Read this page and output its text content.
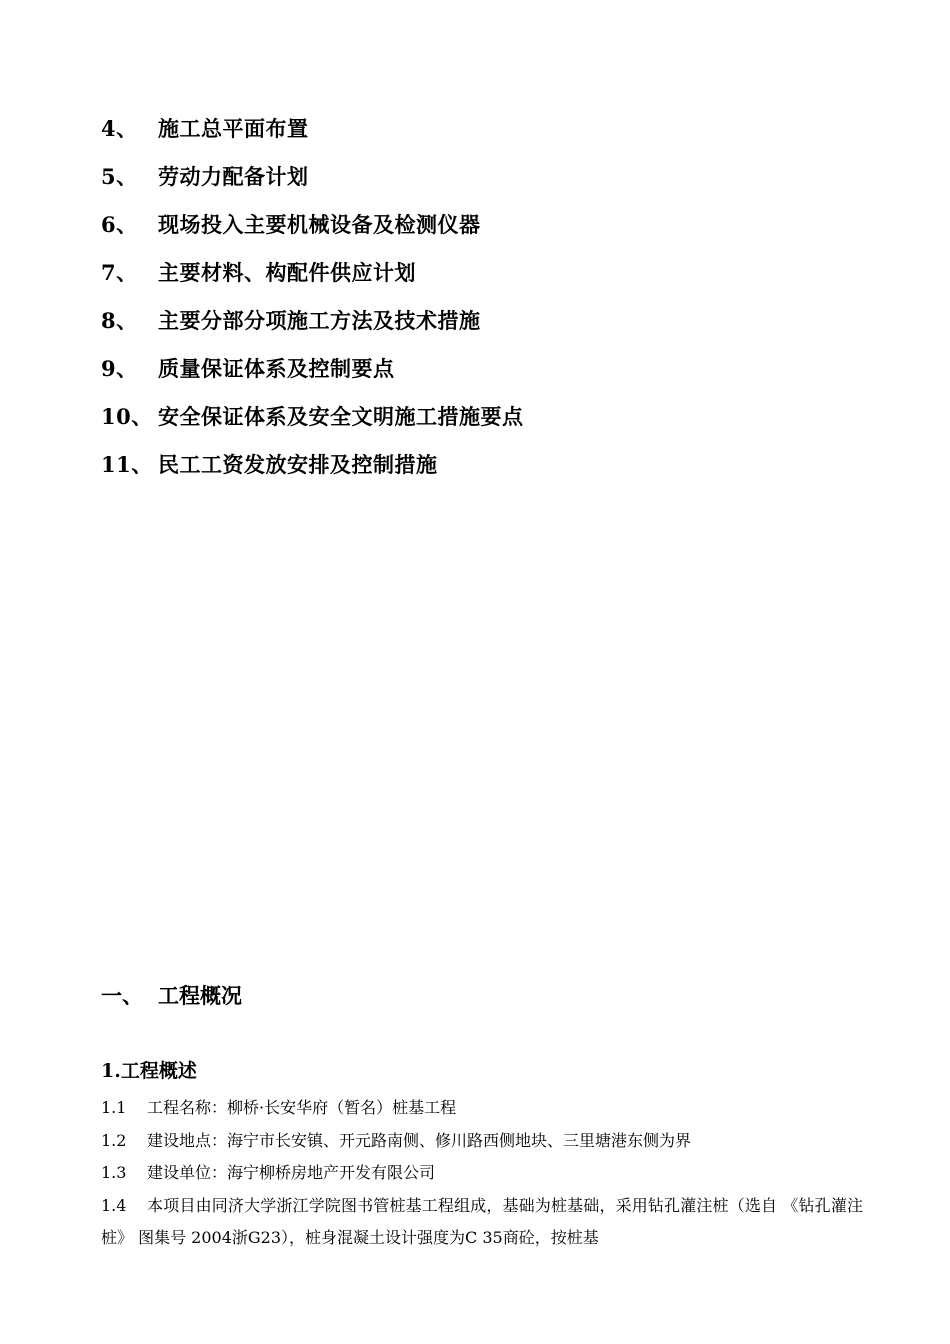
4、 施工总平面布置
5、 劳动力配备计划
6、 现场投入主要机械设备及检测仪器
7、 主要材料、构配件供应计划
8、 主要分部分项施工方法及技术措施
9、 质量保证体系及控制要点
10、 安全保证体系及安全文明施工措施要点
11、 民工工资发放安排及控制措施
一、 工程概况
1.工程概述

1.1 工程名称：柳桥·长安华府（暂名）桩基工程

1.2 建设地点：海宁市长安镇、开元路南侧、修川路西侧地块、三里塘港东侧为界

1.3 建设单位：海宁柳桥房地产开发有限公司

1.4 本项目由同济大学浙江学院图书管桩基工程组成，基础为桩基础，采用钻孔灌注桩（选自 《钻孔灌注桩》 图集号 2004浙G23），桩身混凝土设计强度为C 35商砼，按桩基
